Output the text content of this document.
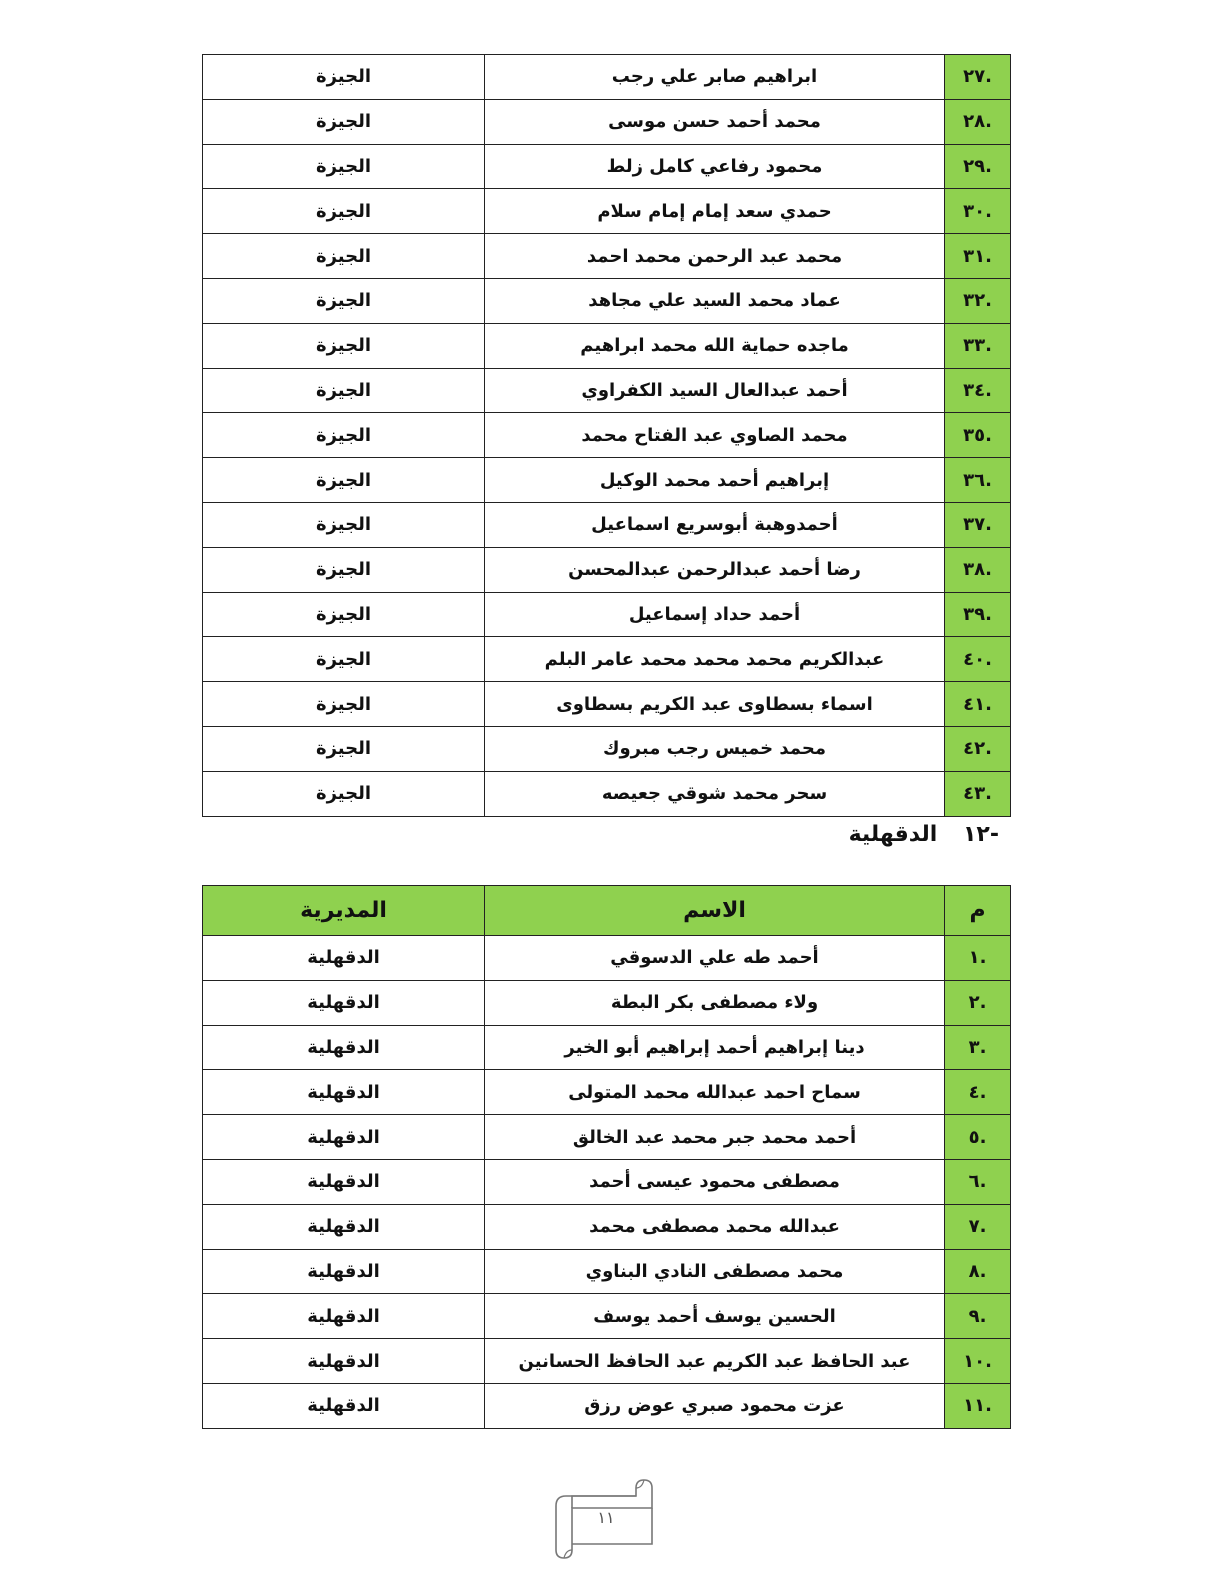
.٢٧	ابراهيم صابر علي رجب	الجيزة
.٢٨	محمد أحمد حسن موسى	الجيزة
.٢٩	محمود رفاعي كامل زلط	الجيزة
.٣٠	حمدي سعد إمام إمام سلام	الجيزة
.٣١	محمد عبد الرحمن محمد احمد	الجيزة
.٣٢	عماد محمد السيد علي مجاهد	الجيزة
.٣٣	ماجده حماية الله محمد ابراهيم	الجيزة
.٣٤	أحمد عبدالعال السيد الكفراوي	الجيزة
.٣٥	محمد الصاوي عبد الفتاح محمد	الجيزة
.٣٦	إبراهيم أحمد محمد الوكيل	الجيزة
.٣٧	أحمدوهبة أبوسريع اسماعيل	الجيزة
.٣٨	رضا أحمد عبدالرحمن عبدالمحسن	الجيزة
.٣٩	أحمد حداد إسماعيل	الجيزة
.٤٠	عبدالكريم محمد محمد محمد عامر البلم	الجيزة
.٤١	اسماء بسطاوى عبد الكريم بسطاوى	الجيزة
.٤٢	محمد خميس رجب مبروك	الجيزة
.٤٣	سحر محمد شوقي جعيصه	الجيزة
-١٢ الدقهلية
م	الاسم	المديرية
.١	أحمد طه علي الدسوقي	الدقهلية
.٢	ولاء مصطفى بكر البطة	الدقهلية
.٣	دينا إبراهيم أحمد إبراهيم أبو الخير	الدقهلية
.٤	سماح احمد عبدالله محمد المتولى	الدقهلية
.٥	أحمد محمد جبر محمد عبد الخالق	الدقهلية
.٦	مصطفى محمود عيسى أحمد	الدقهلية
.٧	عبدالله محمد مصطفى محمد	الدقهلية
.٨	محمد مصطفى النادي البناوي	الدقهلية
.٩	الحسين يوسف أحمد يوسف	الدقهلية
.١٠	عبد الحافظ عبد الكريم عبد الحافظ الحسانين	الدقهلية
.١١	عزت محمود صبري عوض رزق	الدقهلية
١١
